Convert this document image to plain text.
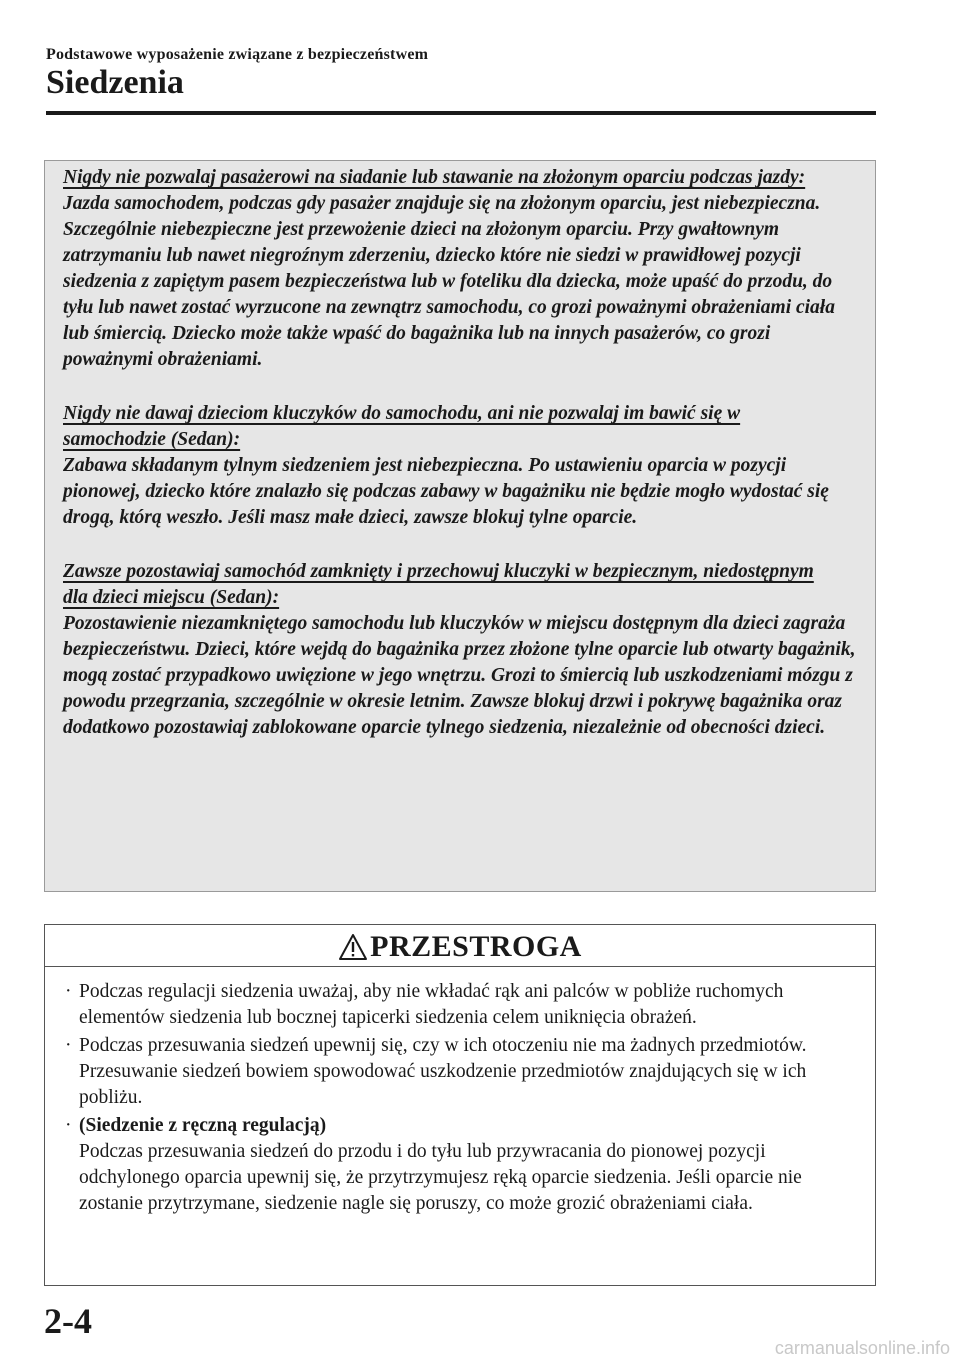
Podstawowe wyposażenie związane z bezpieczeństwem
Siedzenia
Nigdy nie pozwalaj pasażerowi na siadanie lub stawanie na złożonym oparciu podczas jazdy:
Jazda samochodem, podczas gdy pasażer znajduje się na złożonym oparciu, jest niebezpieczna. Szczególnie niebezpieczne jest przewożenie dzieci na złożonym oparciu. Przy gwałtownym zatrzymaniu lub nawet niegroźnym zderzeniu, dziecko które nie siedzi w prawidłowej pozycji siedzenia z zapiętym pasem bezpieczeństwa lub w foteliku dla dziecka, może upaść do przodu, do tyłu lub nawet zostać wyrzucone na zewnątrz samochodu, co grozi poważnymi obrażeniami ciała lub śmiercią. Dziecko może także wpaść do bagażnika lub na innych pasażerów, co grozi poważnymi obrażeniami.
Nigdy nie dawaj dzieciom kluczyków do samochodu, ani nie pozwalaj im bawić się w samochodzie (Sedan):
Zabawa składanym tylnym siedzeniem jest niebezpieczna. Po ustawieniu oparcia w pozycji pionowej, dziecko które znalazło się podczas zabawy w bagażniku nie będzie mogło wydostać się drogą, którą weszło. Jeśli masz małe dzieci, zawsze blokuj tylne oparcie.
Zawsze pozostawiaj samochód zamknięty i przechowuj kluczyki w bezpiecznym, niedostępnym dla dzieci miejscu (Sedan):
Pozostawienie niezamkniętego samochodu lub kluczyków w miejscu dostępnym dla dzieci zagraża bezpieczeństwu. Dzieci, które wejdą do bagażnika przez złożone tylne oparcie lub otwarty bagażnik, mogą zostać przypadkowo uwięzione w jego wnętrzu. Grozi to śmiercią lub uszkodzeniami mózgu z powodu przegrzania, szczególnie w okresie letnim. Zawsze blokuj drzwi i pokrywę bagażnika oraz dodatkowo pozostawiaj zablokowane oparcie tylnego siedzenia, niezależnie od obecności dzieci.
PRZESTROGA
· Podczas regulacji siedzenia uważaj, aby nie wkładać rąk ani palców w pobliże ruchomych elementów siedzenia lub bocznej tapicerki siedzenia celem uniknięcia obrażeń.
· Podczas przesuwania siedzeń upewnij się, czy w ich otoczeniu nie ma żadnych przedmiotów. Przesuwanie siedzeń bowiem spowodować uszkodzenie przedmiotów znajdujących się w ich pobliżu.
· (Siedzenie z ręczną regulacją)
Podczas przesuwania siedzeń do przodu i do tyłu lub przywracania do pionowej pozycji odchylonego oparcia upewnij się, że przytrzymujesz ręką oparcie siedzenia. Jeśli oparcie nie zostanie przytrzymane, siedzenie nagle się poruszy, co może grozić obrażeniami ciała.
2-4
carmanualsonline.info
